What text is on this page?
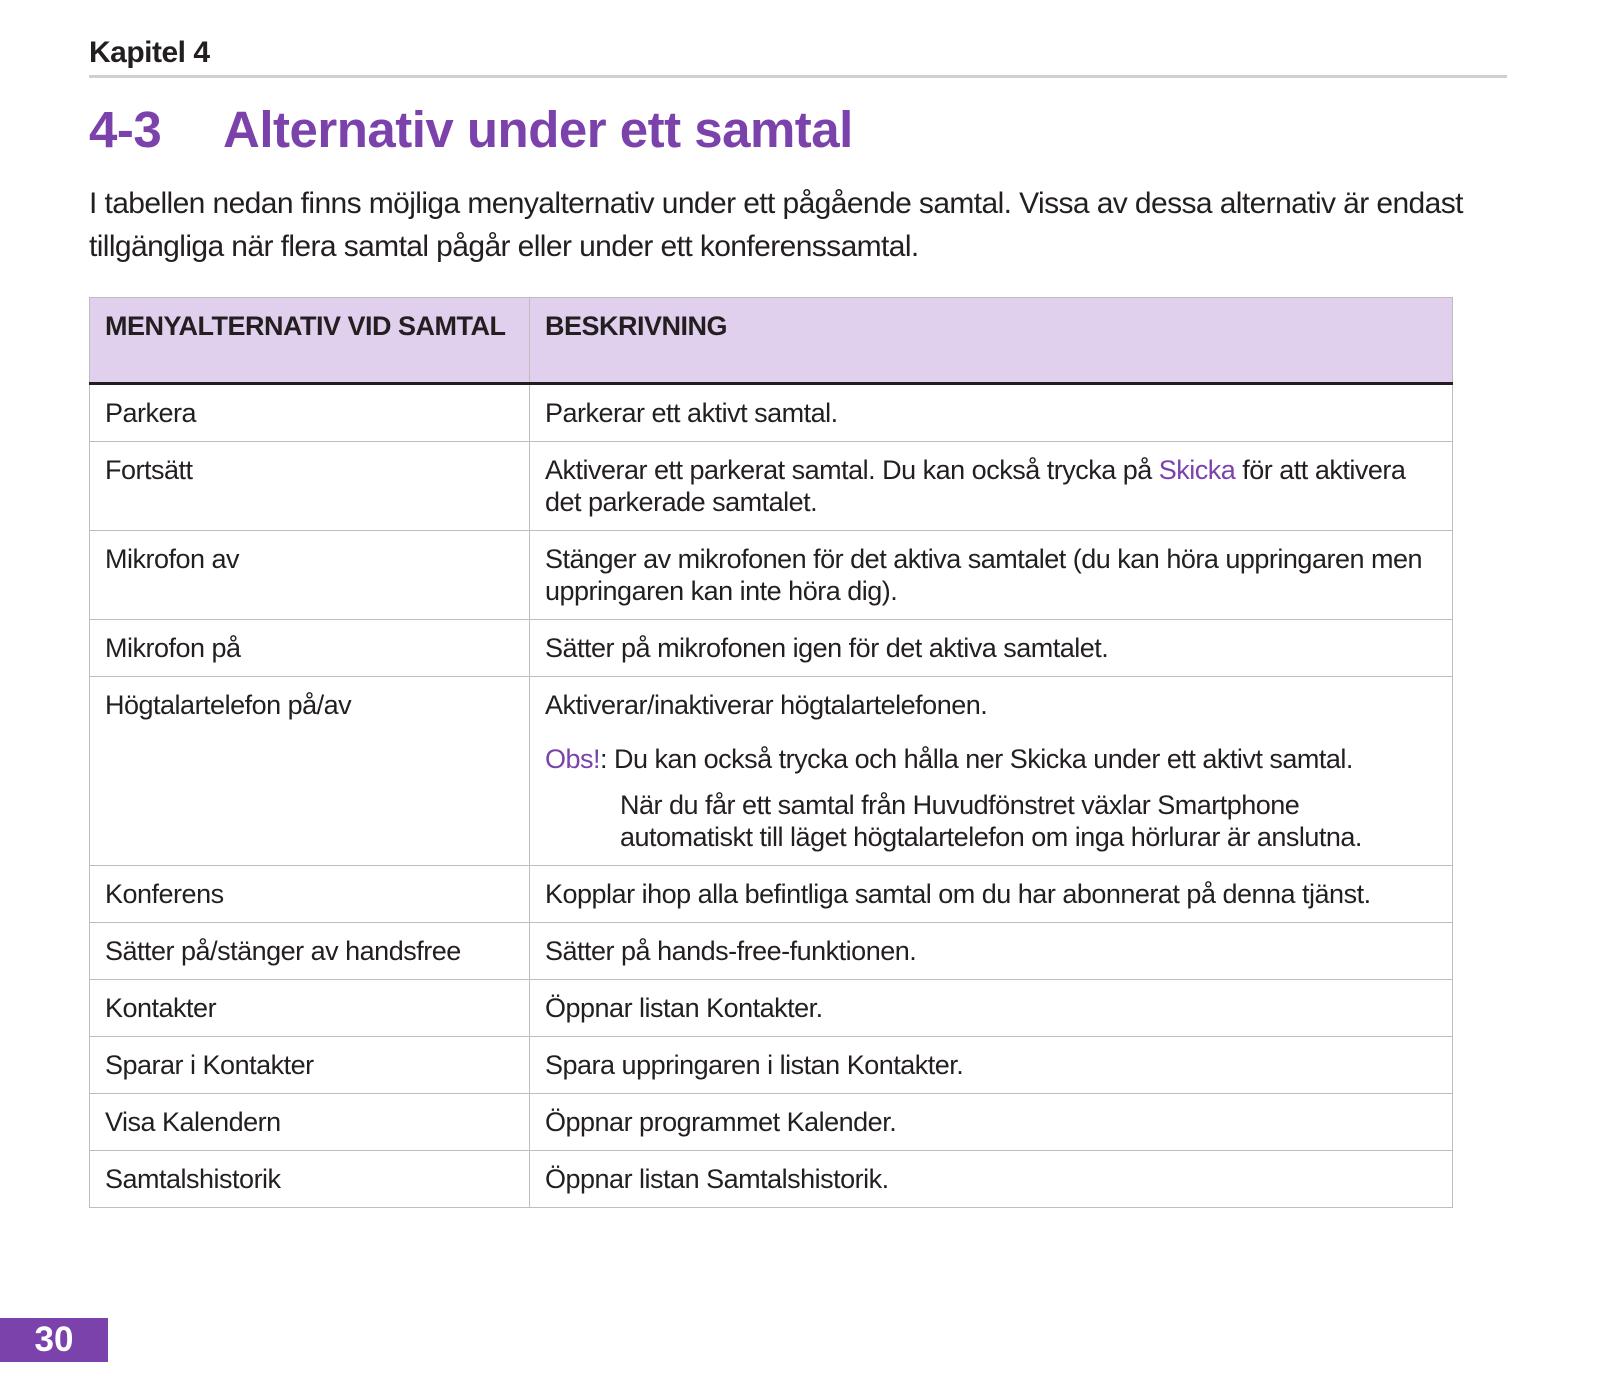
Kapitel 4
4-3 Alternativ under ett samtal

I tabellen nedan finns möjliga menyalternativ under ett pågående samtal. Vissa av dessa alternativ är endast tillgängliga när flera samtal pågår eller under ett konferenssamtal.

MENYALTERNATIV VID SAMTAL	BESKRIVNING
Parkera	Parkerar ett aktivt samtal.
Fortsätt	Aktiverar ett parkerat samtal. Du kan också trycka på Skicka för att aktivera det parkerade samtalet.
Mikrofon av	Stänger av mikrofonen för det aktiva samtalet (du kan höra uppringaren men uppringaren kan inte höra dig).
Mikrofon på	Sätter på mikrofonen igen för det aktiva samtalet.
Högtalartelefon på/av	Aktiverar/inaktiverar högtalartelefonen.
Obs!: Du kan också trycka och hålla ner Skicka under ett aktivt samtal.
När du får ett samtal från Huvudfönstret växlar Smartphone automatiskt till läget högtalartelefon om inga hörlurar är anslutna.

Konferens	Kopplar ihop alla befintliga samtal om du har abonnerat på denna tjänst.
Sätter på/stänger av handsfree	Sätter på hands-free-funktionen.
Kontakter	Öppnar listan Kontakter.
Sparar i Kontakter	Spara uppringaren i listan Kontakter.
Visa Kalendern	Öppnar programmet Kalender.
Samtalshistorik	Öppnar listan Samtalshistorik.
30
